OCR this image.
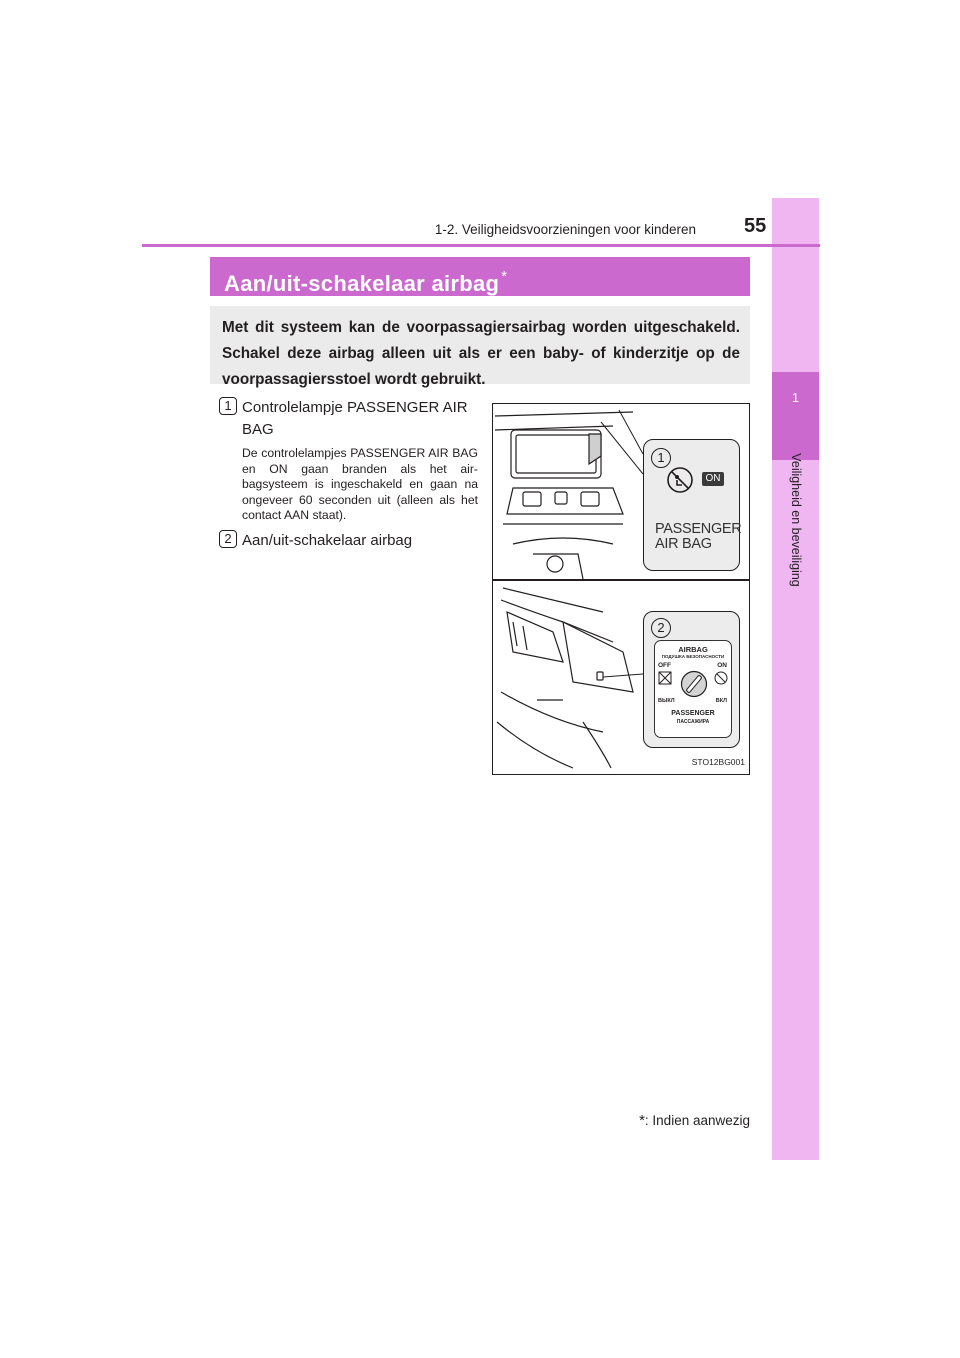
1
Veiligheid en beveiliging
1-2. Veiligheidsvoorzieningen voor kinderen 55
Aan/uit-schakelaar airbag *
Met dit systeem kan de voorpassagiersairbag worden uitgeschakeld. Schakel deze airbag alleen uit als er een baby- of kinderzitje op de voorpassagiersstoel wordt gebruikt.
1 Controlelampje PASSENGER AIR BAG
De controlelampjes PASSENGER AIR BAG en ON gaan branden als het air-bagsysteem is ingeschakeld en gaan na ongeveer 60 seconden uit (alleen als het contact AAN staat).
2 Aan/uit-schakelaar airbag
1
ON
PASSENGER
AIR BAG
2
AIRBAG
ПОДУШКА БЕЗОПАСНОСТИ
OFF	ON
ВЫКЛ	ВКЛ
PASSENGER
ПАССАЖИРА
STO12BG001
*: Indien aanwezig
